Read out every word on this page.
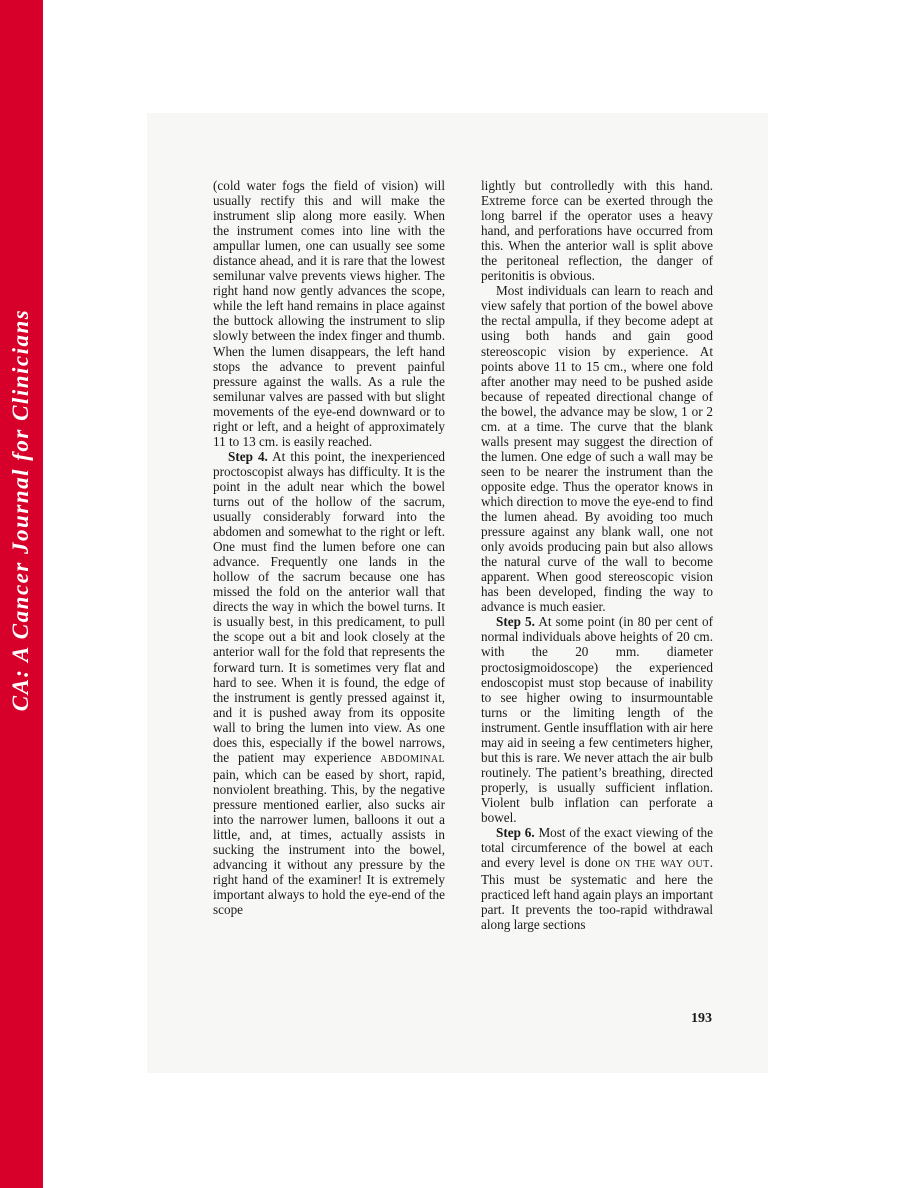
CA: A Cancer Journal for Clinicians

(cold water fogs the field of vision) will usually rectify this and will make the instrument slip along more easily. When the instrument comes into line with the ampullar lumen, one can usually see some distance ahead, and it is rare that the lowest semilunar valve prevents views higher. The right hand now gently advances the scope, while the left hand remains in place against the buttock allowing the instrument to slip slowly between the index finger and thumb. When the lumen disappears, the left hand stops the advance to prevent painful pressure against the walls. As a rule the semilunar valves are passed with but slight movements of the eye-end downward or to right or left, and a height of approximately 11 to 13 cm. is easily reached.

Step 4. At this point, the inexperienced proctoscopist always has difficulty. It is the point in the adult near which the bowel turns out of the hollow of the sacrum, usually considerably forward into the abdomen and somewhat to the right or left. One must find the lumen before one can advance. Frequently one lands in the hollow of the sacrum because one has missed the fold on the anterior wall that directs the way in which the bowel turns. It is usually best, in this predicament, to pull the scope out a bit and look closely at the anterior wall for the fold that represents the forward turn. It is sometimes very flat and hard to see. When it is found, the edge of the instrument is gently pressed against it, and it is pushed away from its opposite wall to bring the lumen into view. As one does this, especially if the bowel narrows, the patient may experience ABDOMINAL pain, which can be eased by short, rapid, nonviolent breathing. This, by the negative pressure mentioned earlier, also sucks air into the narrower lumen, balloons it out a little, and, at times, actually assists in sucking the instrument into the bowel, advancing it without any pressure by the right hand of the examiner! It is extremely important always to hold the eye-end of the scope

lightly but controlledly with this hand. Extreme force can be exerted through the long barrel if the operator uses a heavy hand, and perforations have occurred from this. When the anterior wall is split above the peritoneal reflection, the danger of peritonitis is obvious.

Most individuals can learn to reach and view safely that portion of the bowel above the rectal ampulla, if they become adept at using both hands and gain good stereoscopic vision by experience. At points above 11 to 15 cm., where one fold after another may need to be pushed aside because of repeated directional change of the bowel, the advance may be slow, 1 or 2 cm. at a time. The curve that the blank walls present may suggest the direction of the lumen. One edge of such a wall may be seen to be nearer the instrument than the opposite edge. Thus the operator knows in which direction to move the eye-end to find the lumen ahead. By avoiding too much pressure against any blank wall, one not only avoids producing pain but also allows the natural curve of the wall to become apparent. When good stereoscopic vision has been developed, finding the way to advance is much easier.

Step 5. At some point (in 80 per cent of normal individuals above heights of 20 cm. with the 20 mm. diameter proctosigmoidoscope) the experienced endoscopist must stop because of inability to see higher owing to insurmountable turns or the limiting length of the instrument. Gentle insufflation with air here may aid in seeing a few centimeters higher, but this is rare. We never attach the air bulb routinely. The patient’s breathing, directed properly, is usually sufficient inflation. Violent bulb inflation can perforate a bowel.

Step 6. Most of the exact viewing of the total circumference of the bowel at each and every level is done ON THE WAY OUT. This must be systematic and here the practiced left hand again plays an important part. It prevents the too-rapid withdrawal along large sections

193
